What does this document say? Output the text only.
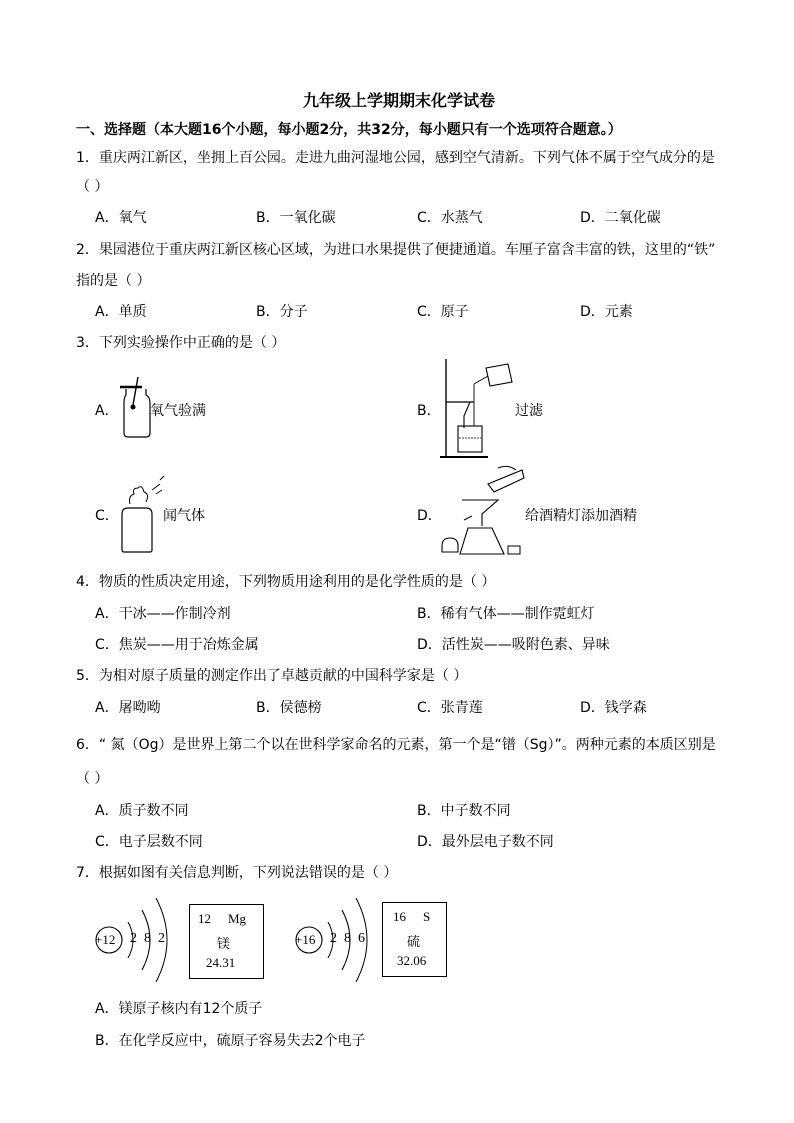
九年级上学期期末化学试卷
一、选择题（本大题16个小题，每小题2分，共32分，每小题只有一个选项符合题意。）
1．重庆两江新区，坐拥上百公园。走进九曲河湿地公园，感到空气清新。下列气体不属于空气成分的是
（ ）
A．氧气	B．一氧化碳	C．水蒸气	D．二氧化碳
2．果园港位于重庆两江新区核心区域，为进口水果提供了便捷通道。车厘子富含丰富的铁，这里的“铁”
指的是（ ）
A．单质	B．分子	C．原子	D．元素
3．下列实验操作中正确的是（ ）
A． 氧气验满	B．	过滤
C．	闻气体	D．	给酒精灯添加酒精
4．物质的性质决定用途，下列物质用途利用的是化学性质的是（ ）
A．干冰——作制冷剂	B．稀有气体——制作霓虹灯
C．焦炭——用于冶炼金属	D．活性炭——吸附色素、异味
5．为相对原子质量的测定作出了卓越贡献的中国科学家是（ ）
A．屠呦呦	B．侯德榜	C．张青莲	D．钱学森
6．“ 氮（Og）是世界上第二个以在世科学家命名的元素，第一个是“镨（Sg）”。两种元素的本质区别是
（ ）
A．质子数不同	B．中子数不同
C．电子层数不同	D．最外层电子数不同
7．根据如图有关信息判断，下列说法错误的是（ ）
+12 2  8  2
12 Mg
镁
24.31
+16 2  8  6
16 S
硫
32.06
A．镁原子核内有12个质子
B．在化学反应中，硫原子容易失去2个电子
